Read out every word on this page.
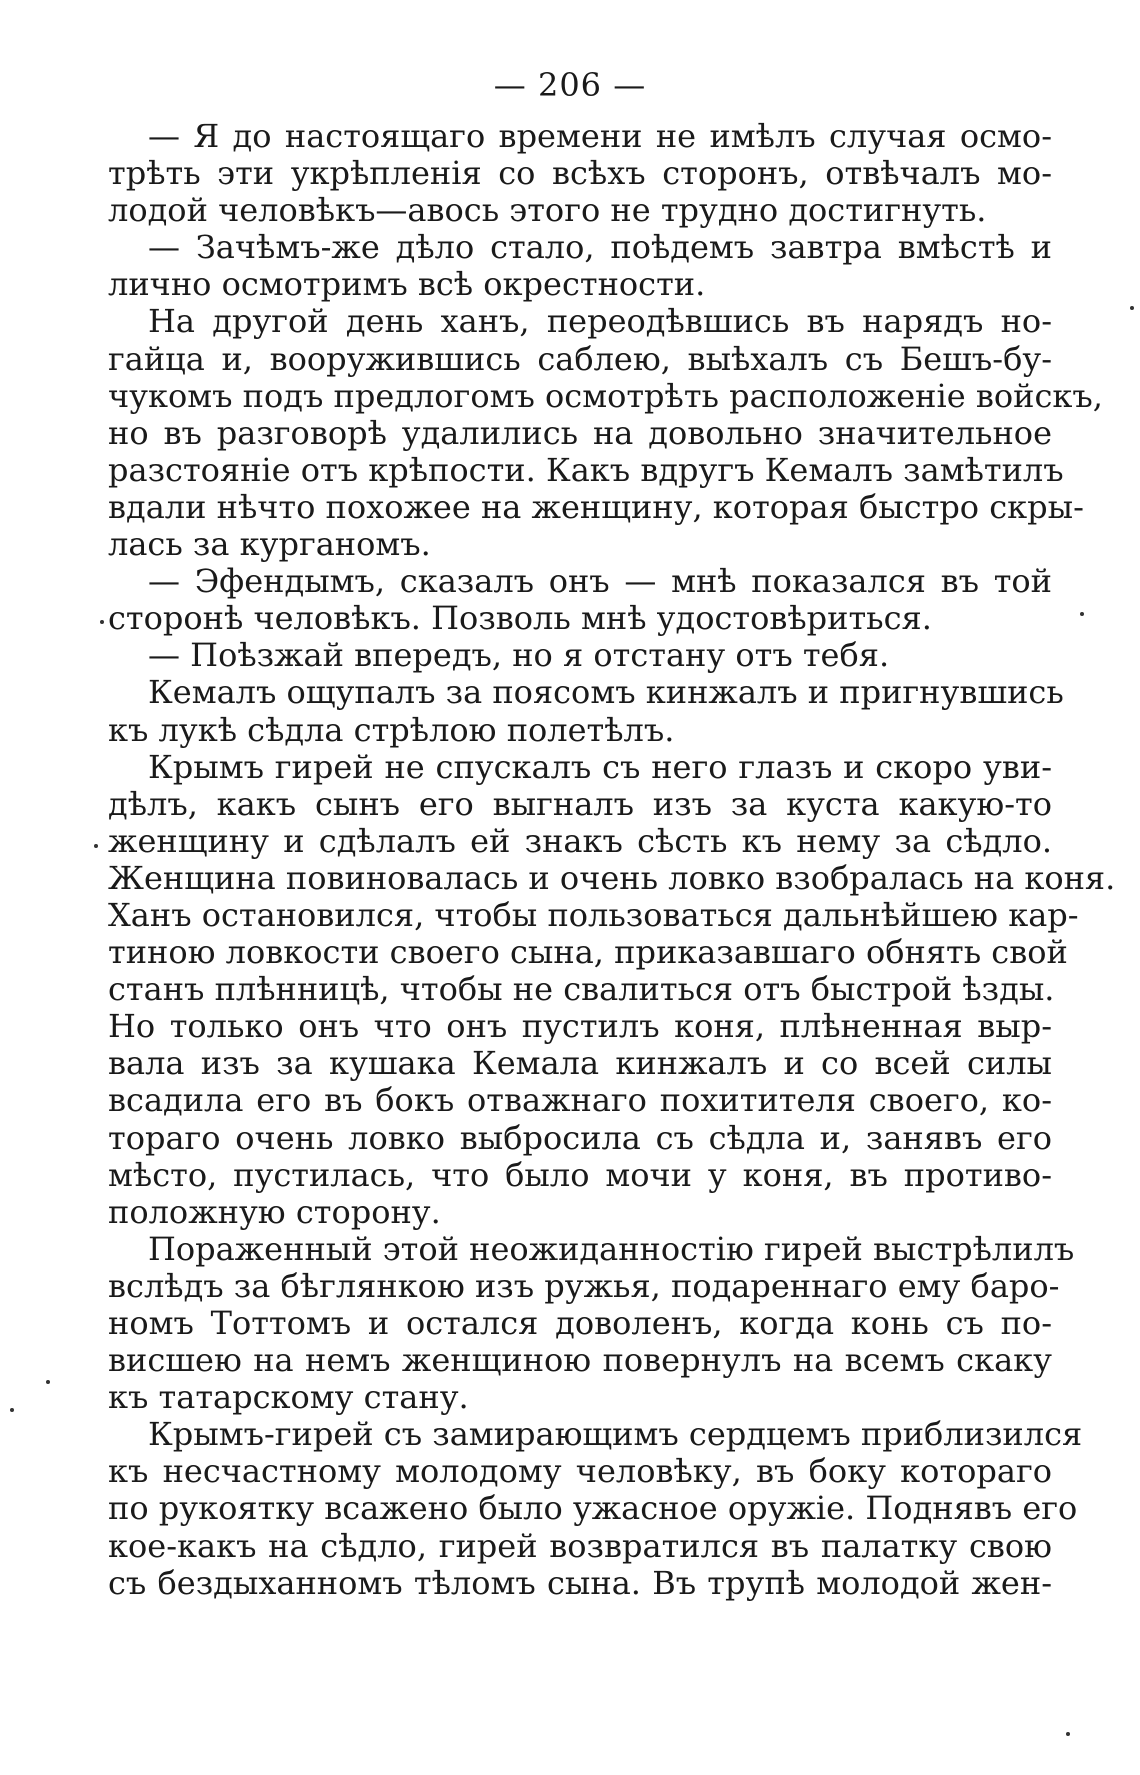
— 206 —
— Я до настоящаго времени не имѣлъ случая осмо-
трѣть эти укрѣпленія со всѣхъ сторонъ, отвѣчалъ мо-
лодой человѣкъ—авось этого не трудно достигнуть.
— Зачѣмъ-же дѣло стало, поѣдемъ завтра вмѣстѣ и
лично осмотримъ всѣ окрестности.
На другой день ханъ, переодѣвшись въ нарядъ но-
гайца и, вооружившись саблею, выѣхалъ съ Бешъ-бу-
чукомъ подъ предлогомъ осмотрѣть расположеніе войскъ,
но въ разговорѣ удалились на довольно значительное
разстояніе отъ крѣпости. Какъ вдругъ Кемалъ замѣтилъ
вдали нѣчто похожее на женщину, которая быстро скры-
лась за курганомъ.
— Эфендымъ, сказалъ онъ — мнѣ показался въ той
сторонѣ человѣкъ. Позволь мнѣ удостовѣриться.
— Поѣзжай впередъ, но я отстану отъ тебя.
Кемалъ ощупалъ за поясомъ кинжалъ и пригнувшись
къ лукѣ сѣдла стрѣлою полетѣлъ.
Крымъ гирей не спускалъ съ него глазъ и скоро уви-
дѣлъ, какъ сынъ его выгналъ изъ за куста какую-то
женщину и сдѣлалъ ей знакъ сѣсть къ нему за сѣдло.
Женщина повиновалась и очень ловко взобралась на коня.
Ханъ остановился, чтобы пользоваться дальнѣйшею кар-
тиною ловкости своего сына, приказавшаго обнять свой
станъ плѣнницѣ, чтобы не свалиться отъ быстрой ѣзды.
Но только онъ что онъ пустилъ коня, плѣненная выр-
вала изъ за кушака Кемала кинжалъ и со всей силы
всадила его въ бокъ отважнаго похитителя своего, ко-
тораго очень ловко выбросила съ сѣдла и, занявъ его
мѣсто, пустилась, что было мочи у коня, въ противо-
положную сторону.
Пораженный этой неожиданностію гирей выстрѣлилъ
вслѣдъ за бѣглянкою изъ ружья, подареннаго ему баро-
номъ Тоттомъ и остался доволенъ, когда конь съ по-
висшею на немъ женщиною повернулъ на всемъ скаку
къ татарскому стану.
Крымъ-гирей съ замирающимъ сердцемъ приблизился
къ несчастному молодому человѣку, въ боку котораго
по рукоятку всажено было ужасное оружіе. Поднявъ его
кое-какъ на сѣдло, гирей возвратился въ палатку свою
съ бездыханномъ тѣломъ сына. Въ трупѣ молодой жен-
